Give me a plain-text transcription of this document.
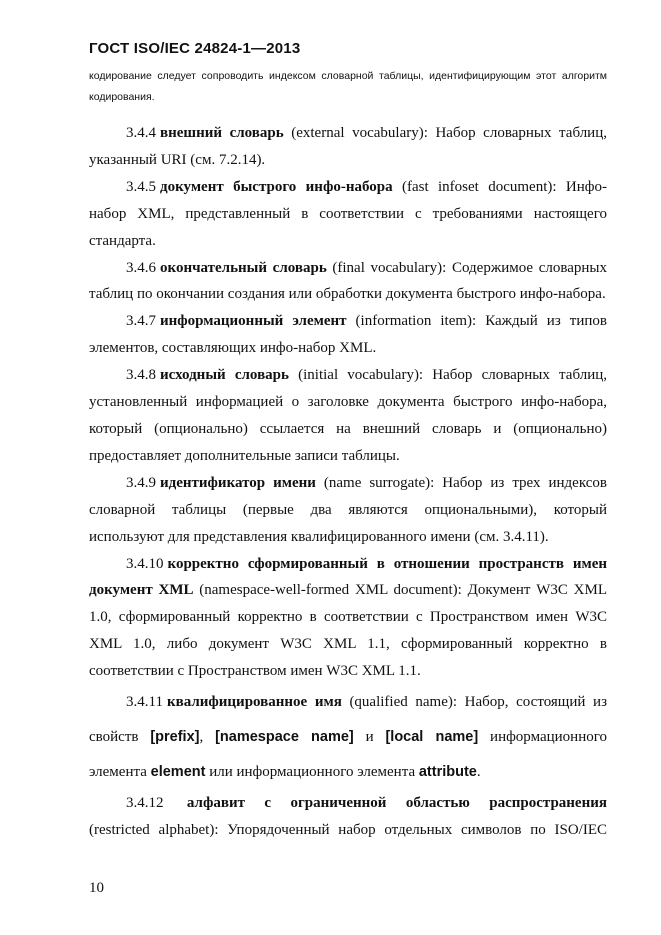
ГОСТ ISO/IEC 24824-1—2013

кодирование следует сопроводить индексом словарной таблицы, идентифицирующим этот алгоритм кодирования.

3.4.4 внешний словарь (external vocabulary): Набор словарных таблиц, указанный URI (см. 7.2.14).

3.4.5 документ быстрого инфо-набора (fast infoset document): Инфо-набор XML, представленный в соответствии с требованиями настоящего стандарта.

3.4.6 окончательный словарь (final vocabulary): Содержимое словарных таблиц по окончании создания или обработки документа быстрого инфо-набора.

3.4.7 информационный элемент (information item): Каждый из типов элементов, составляющих инфо-набор XML.

3.4.8 исходный словарь (initial vocabulary): Набор словарных таблиц, установленный информацией о заголовке документа быстрого инфо-набора, который (опционально) ссылается на внешний словарь и (опционально) предоставляет дополнительные записи таблицы.

3.4.9 идентификатор имени (name surrogate): Набор из трех индексов словарной таблицы (первые два являются опциональными), который используют для представления квалифицированного имени (см. 3.4.11).

3.4.10 корректно сформированный в отношении пространств имен документ XML (namespace-well-formed XML document): Документ W3C XML 1.0, сформированный корректно в соответствии с Пространством имен W3C XML 1.0, либо документ W3C XML 1.1, сформированный корректно в соответствии с Пространством имен W3C XML 1.1.

3.4.11 квалифицированное имя (qualified name): Набор, состоящий из свойств [prefix], [namespace name] и [local name] информационного элемента element или информационного элемента attribute.

3.4.12 алфавит с ограниченной областью распространения

(restricted alphabet): Упорядоченный набор отдельных символов по ISO/IEC

10
